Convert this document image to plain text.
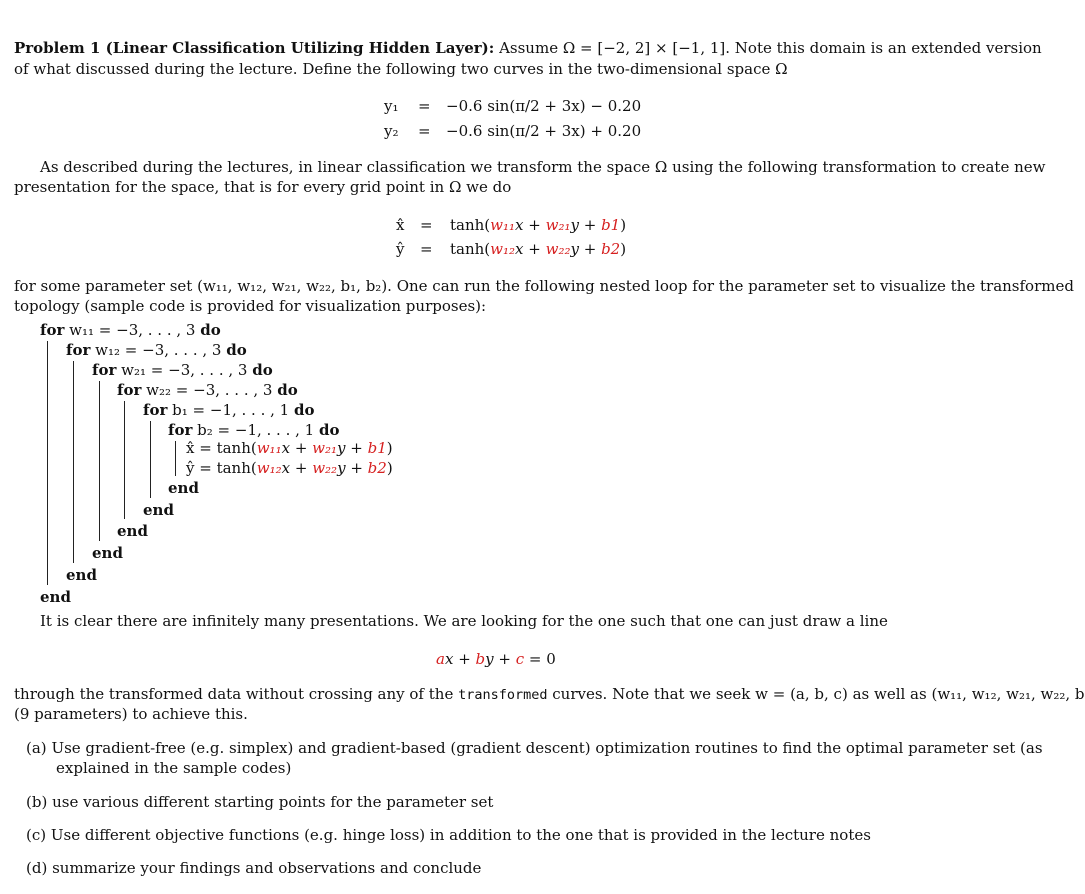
Problem 1 (Linear Classification Utilizing Hidden Layer): Assume Ω = [−2, 2] × [−1, 1]. Note this domain is an extended version
of what discussed during the lecture. Define the following two curves in the two-dimensional space Ω
y₁ = −0.6 sin(π/2 + 3x) − 0.20
y₂ = −0.6 sin(π/2 + 3x) + 0.20
As described during the lectures, in linear classification we transform the space Ω using the following transformation to create new
presentation for the space, that is for every grid point in Ω we do
x̂ = tanh(w₁₁x + w₂₁y + b1)
ŷ = tanh(w₁₂x + w₂₂y + b2)
for some parameter set (w₁₁, w₁₂, w₂₁, w₂₂, b₁, b₂). One can run the following nested loop for the parameter set to visualize the transformed
topology (sample code is provided for visualization purposes):
for w₁₁ = −3, . . . , 3 do
for w₁₂ = −3, . . . , 3 do
for w₂₁ = −3, . . . , 3 do
for w₂₂ = −3, . . . , 3 do
for b₁ = −1, . . . , 1 do
for b₂ = −1, . . . , 1 do
x̂ = tanh(w₁₁x + w₂₁y + b1)
ŷ = tanh(w₁₂x + w₂₂y + b2)
end
end
end
end
end
end
It is clear there are infinitely many presentations. We are looking for the one such that one can just draw a line
ax + by + c = 0
through the transformed data without crossing any of the transformed curves. Note that we seek w = (a, b, c) as well as (w₁₁, w₁₂, w₂₁, w₂₂, b
(9 parameters) to achieve this.
(a) Use gradient-free (e.g. simplex) and gradient-based (gradient descent) optimization routines to find the optimal parameter set (as
explained in the sample codes)
(b) use various different starting points for the parameter set
(c) Use different objective functions (e.g. hinge loss) in addition to the one that is provided in the lecture notes
(d) summarize your findings and observations and conclude
